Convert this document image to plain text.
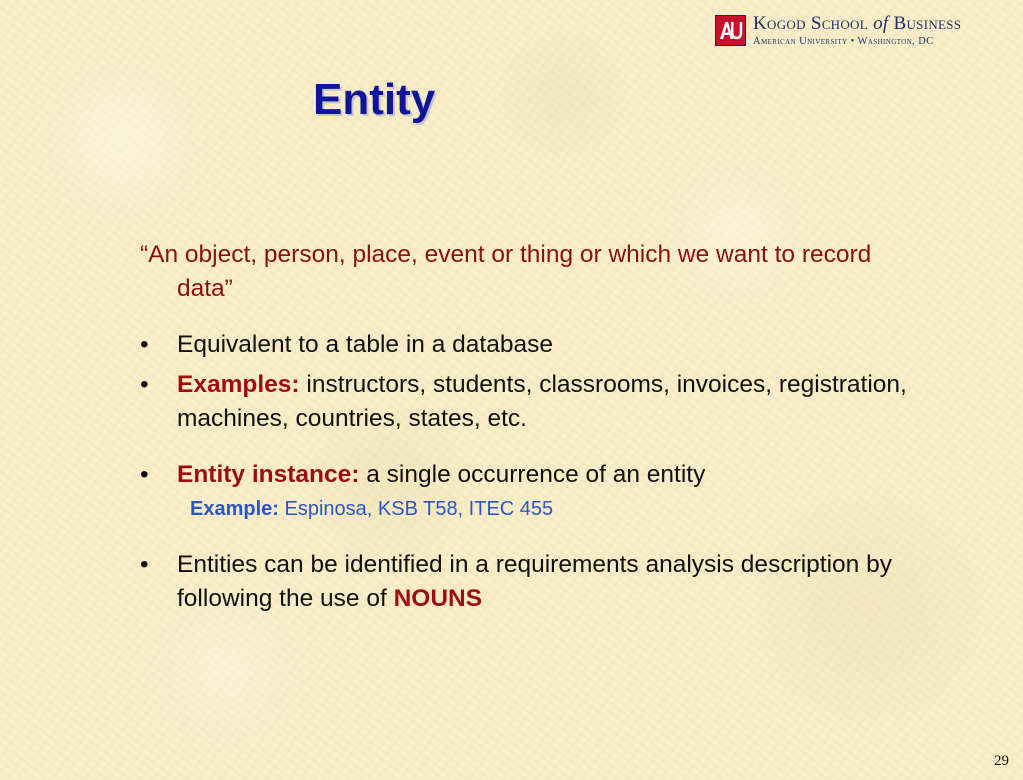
Kogod School of Business
American University • Washington, DC
Entity

“An object, person, place, event or thing or which we want to record data”

• Equivalent to a table in a database

• Examples: instructors, students, classrooms, invoices, registration, machines, countries, states, etc.

• Entity instance: a single occurrence of an entity

Example: Espinosa, KSB T58, ITEC 455

• Entities can be identified in a requirements analysis description by following the use of NOUNS

29
